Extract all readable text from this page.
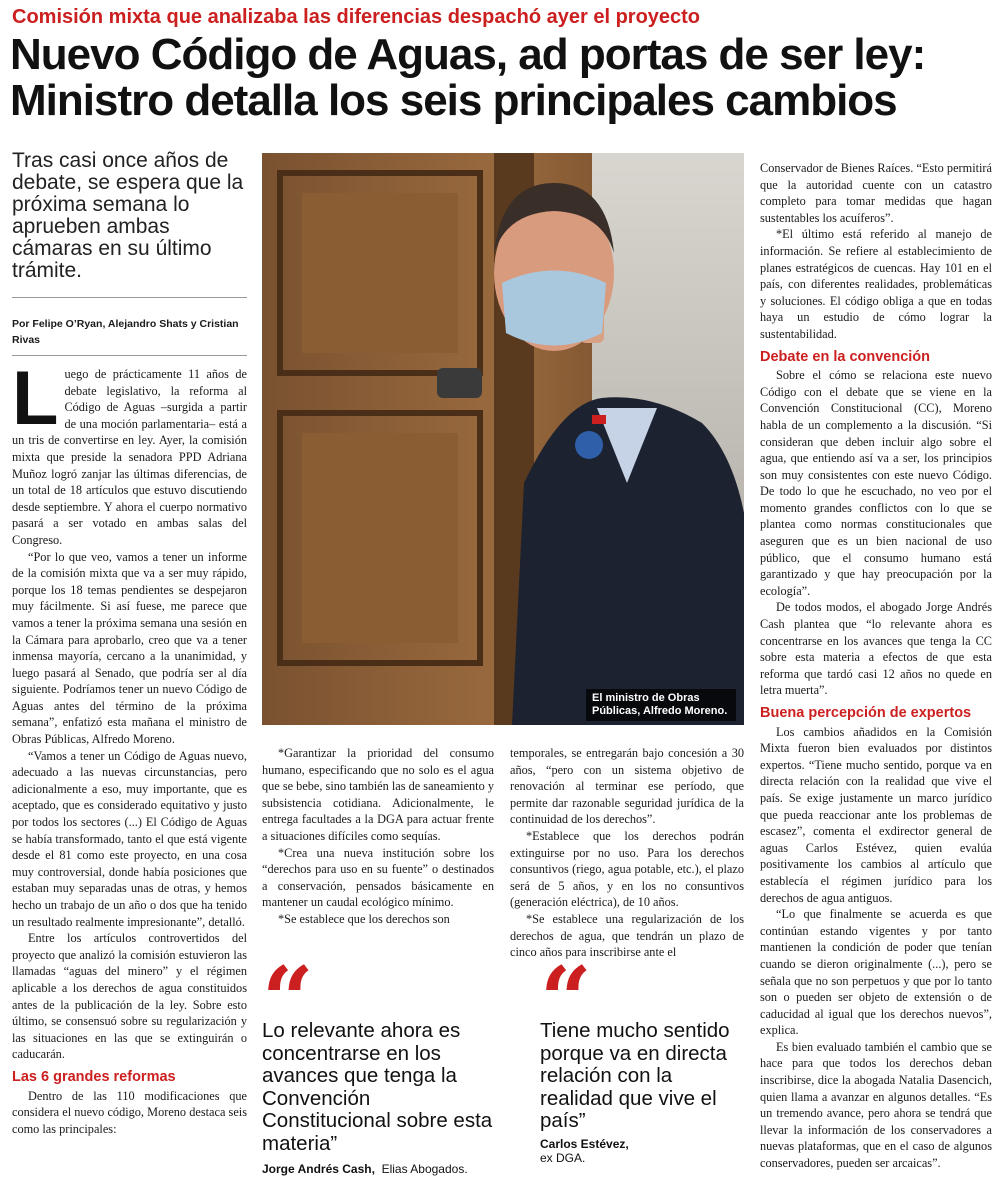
Comisión mixta que analizaba las diferencias despachó ayer el proyecto
Nuevo Código de Aguas, ad portas de ser ley:
Ministro detalla los seis principales cambios
Tras casi once años de debate, se espera que la próxima semana lo aprueben ambas cámaras en su último trámite.
Por Felipe O’Ryan, Alejandro Shats y Cristian Rivas

Luego de prácticamente 11 años de debate legislativo, la reforma al Código de Aguas –surgida a partir de una moción parlamentaria– está a un tris de convertirse en ley. Ayer, la comisión mixta que preside la senadora PPD Adriana Muñoz logró zanjar las últimas diferencias, de un total de 18 artículos que estuvo discutiendo desde septiembre. Y ahora el cuerpo normativo pasará a ser votado en ambas salas del Congreso.

“Por lo que veo, vamos a tener un informe de la comisión mixta que va a ser muy rápido, porque los 18 temas pendientes se despejaron muy fácilmente. Si así fuese, me parece que vamos a tener la próxima semana una sesión en la Cámara para aprobarlo, creo que va a tener inmensa mayoría, cercano a la unanimidad, y luego pasará al Senado, que podría ser al día siguiente. Podríamos tener un nuevo Código de Aguas antes del término de la próxima semana”, enfatizó esta mañana el ministro de Obras Públicas, Alfredo Moreno.

“Vamos a tener un Código de Aguas nuevo, adecuado a las nuevas circunstancias, pero adicionalmente a eso, muy importante, que es aceptado, que es considerado equitativo y justo por todos los sectores (...) El Código de Aguas se había transformado, tanto el que está vigente desde el 81 como este proyecto, en una cosa muy controversial, donde había posiciones que estaban muy separadas unas de otras, y hemos hecho un trabajo de un año o dos que ha tenido un resultado realmente impresionante”, detalló.

Entre los artículos controvertidos del proyecto que analizó la comisión estuvieron las llamadas “aguas del minero” y el régimen aplicable a los derechos de agua constituidos antes de la publicación de la ley. Sobre esto último, se consensuó sobre su regularización y las situaciones en las que se extinguirán o caducarán.

Las 6 grandes reformas

Dentro de las 110 modificaciones que considera el nuevo código, Moreno destaca seis como las principales:

El ministro de Obras Públicas, Alfredo Moreno.

*Garantizar la prioridad del consumo humano, especificando que no solo es el agua que se bebe, sino también las de saneamiento y subsistencia cotidiana. Adicionalmente, le entrega facultades a la DGA para actuar frente a situaciones difíciles como sequías.

*Crea una nueva institución sobre los “derechos para uso en su fuente” o destinados a conservación, pensados básicamente en mantener un caudal ecológico mínimo.

*Se establece que los derechos son

temporales, se entregarán bajo concesión a 30 años, “pero con un sistema objetivo de renovación al terminar ese período, que permite dar razonable seguridad jurídica de la continuidad de los derechos”.

*Establece que los derechos podrán extinguirse por no uso. Para los derechos consuntivos (riego, agua potable, etc.), el plazo será de 5 años, y en los no consuntivos (generación eléctrica), de 10 años.

*Se establece una regularización de los derechos de agua, que tendrán un plazo de cinco años para inscribirse ante el

“
Lo relevante ahora es concentrarse en los avances que tenga la Convención Constitucional sobre esta materia”
Jorge Andrés Cash, Elias Abogados.
“
Tiene mucho sentido porque va en directa relación con la realidad que vive el país”
Carlos Estévez,
ex DGA.

Conservador de Bienes Raíces. “Esto permitirá que la autoridad cuente con un catastro completo para tomar medidas que hagan sustentables los acuíferos”.

*El último está referido al manejo de información. Se refiere al establecimiento de planes estratégicos de cuencas. Hay 101 en el país, con diferentes realidades, problemáticas y soluciones. El código obliga a que en todas haya un estudio de cómo lograr la sustentabilidad.

Debate en la convención

Sobre el cómo se relaciona este nuevo Código con el debate que se viene en la Convención Constitucional (CC), Moreno habla de un complemento a la discusión. “Si consideran que deben incluir algo sobre el agua, que entiendo así va a ser, los principios son muy consistentes con este nuevo Código. De todo lo que he escuchado, no veo por el momento grandes conflictos con lo que se plantea como normas constitucionales que aseguren que es un bien nacional de uso público, que el consumo humano está garantizado y que hay preocupación por la ecología”.

De todos modos, el abogado Jorge Andrés Cash plantea que “lo relevante ahora es concentrarse en los avances que tenga la CC sobre esta materia a efectos de que esta reforma que tardó casi 12 años no quede en letra muerta”.

Buena percepción de expertos

Los cambios añadidos en la Comisión Mixta fueron bien evaluados por distintos expertos. “Tiene mucho sentido, porque va en directa relación con la realidad que vive el país. Se exige justamente un marco jurídico que pueda reaccionar ante los problemas de escasez”, comenta el exdirector general de aguas Carlos Estévez, quien evalúa positivamente los cambios al artículo que establecía el régimen jurídico para los derechos de agua antiguos.

“Lo que finalmente se acuerda es que continúan estando vigentes y por tanto mantienen la condición de poder que tenían cuando se dieron originalmente (...), pero se señala que no son perpetuos y que por lo tanto son o pueden ser objeto de extensión o de caducidad al igual que los derechos nuevos”, explica.

Es bien evaluado también el cambio que se hace para que todos los derechos deban inscribirse, dice la abogada Natalia Dasencich, quien llama a avanzar en algunos detalles. “Es un tremendo avance, pero ahora se tendrá que llevar la información de los conservadores a nuevas plataformas, que en el caso de algunos conservadores, pueden ser arcaicas”.
